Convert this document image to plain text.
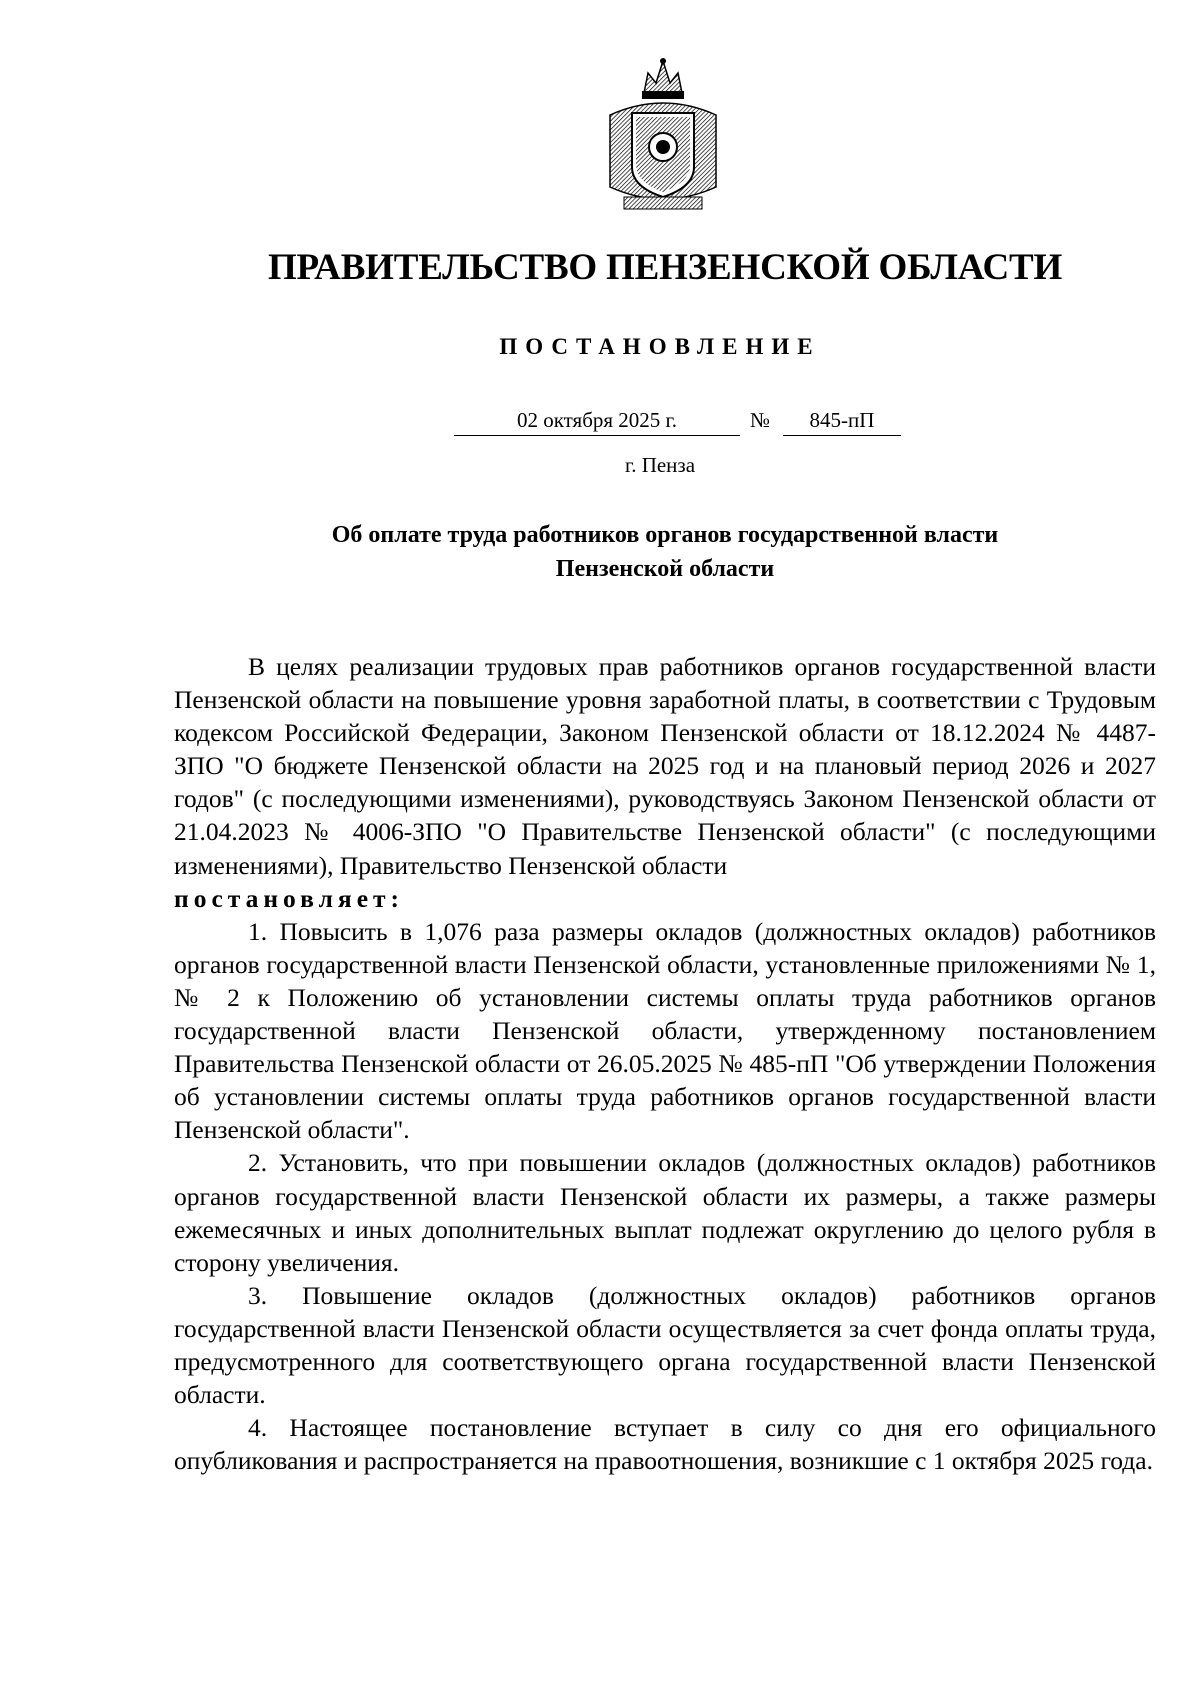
ПРАВИТЕЛЬСТВО ПЕНЗЕНСКОЙ ОБЛАСТИ
ПОСТАНОВЛЕНИЕ
02 октября 2025 г.	№	845-пП
г. Пенза
Об оплате труда работников органов государственной власти
Пензенской области

В целях реализации трудовых прав работников органов государственной власти Пензенской области на повышение уровня заработной платы, в соответствии с Трудовым кодексом Российской Федерации, Законом Пензенской области от 18.12.2024 № 4487-ЗПО "О бюджете Пензенской области на 2025 год и на плановый период 2026 и 2027 годов" (с последующими изменениями), руководствуясь Законом Пензенской области от 21.04.2023 № 4006-ЗПО "О Правительстве Пензенской области" (с последующими изменениями), Правительство Пензенской области

постановляет:

1. Повысить в 1,076 раза размеры окладов (должностных окладов) работников органов государственной власти Пензенской области, установленные приложениями № 1, № 2 к Положению об установлении системы оплаты труда работников органов государственной власти Пензенской области, утвержденному постановлением Правительства Пензенской области от 26.05.2025 № 485-пП "Об утверждении Положения об установлении системы оплаты труда работников органов государственной власти Пензенской области".

2. Установить, что при повышении окладов (должностных окладов) работников органов государственной власти Пензенской области их размеры, а также размеры ежемесячных и иных дополнительных выплат подлежат округлению до целого рубля в сторону увеличения.

3. Повышение окладов (должностных окладов) работников органов государственной власти Пензенской области осуществляется за счет фонда оплаты труда, предусмотренного для соответствующего органа государственной власти Пензенской области.

4. Настоящее постановление вступает в силу со дня его официального опубликования и распространяется на правоотношения, возникшие с 1 октября 2025 года.
